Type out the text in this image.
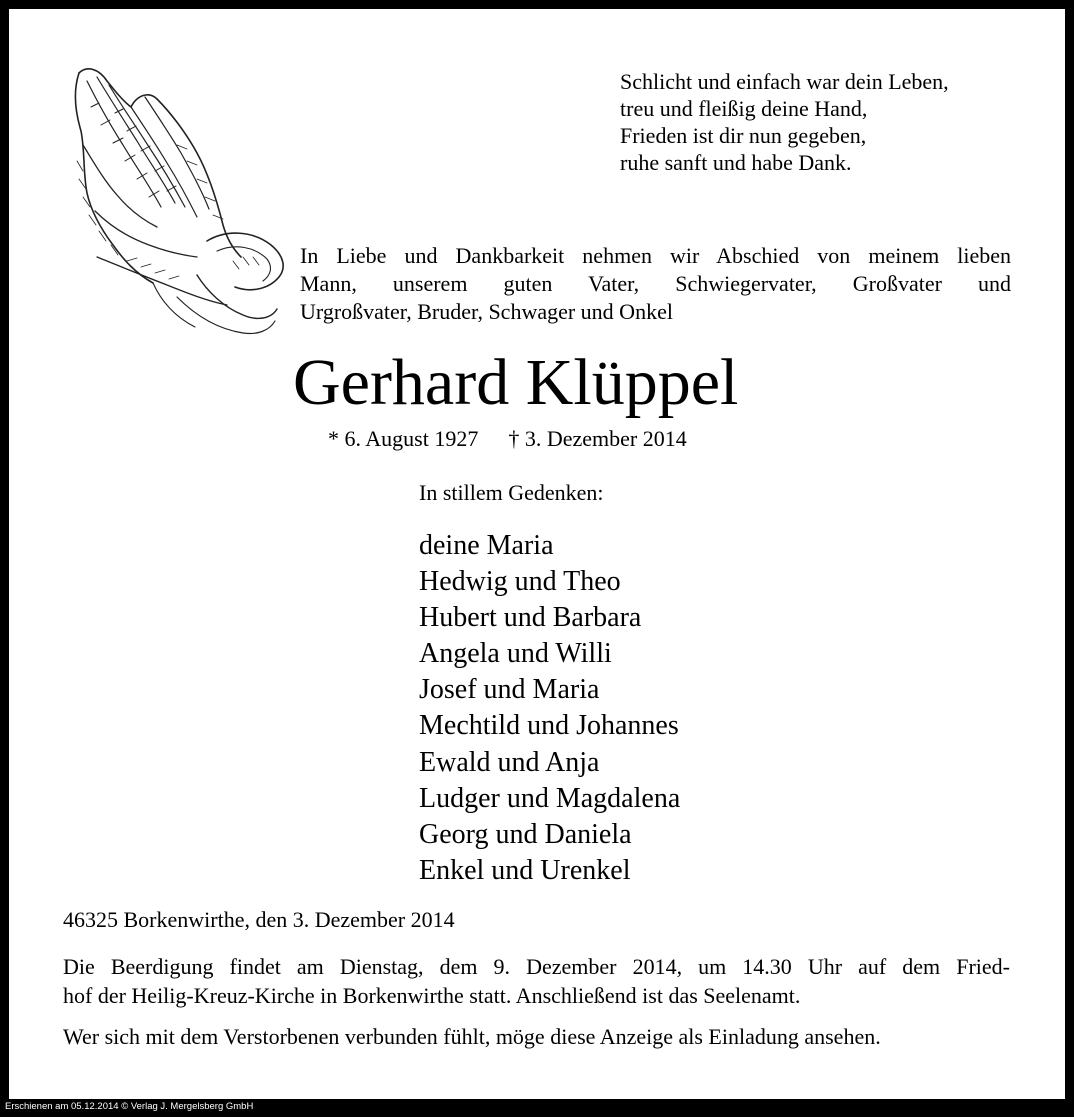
Schlicht und einfach war dein Leben,
treu und fleißig deine Hand,
Frieden ist dir nun gegeben,
ruhe sanft und habe Dank.
In Liebe und Dankbarkeit nehmen wir Abschied von meinem lieben
Mann, unserem guten Vater, Schwiegervater, Großvater und
Urgroßvater, Bruder, Schwager und Onkel
Gerhard Klüppel
* 6. August 1927 † 3. Dezember 2014
In stillem Gedenken:
deine Maria
Hedwig und Theo
Hubert und Barbara
Angela und Willi
Josef und Maria
Mechtild und Johannes
Ewald und Anja
Ludger und Magdalena
Georg und Daniela
Enkel und Urenkel
46325 Borkenwirthe, den 3. Dezember 2014
Die Beerdigung findet am Dienstag, dem 9. Dezember 2014, um 14.30 Uhr auf dem Fried-
hof der Heilig-Kreuz-Kirche in Borkenwirthe statt. Anschließend ist das Seelenamt.
Wer sich mit dem Verstorbenen verbunden fühlt, möge diese Anzeige als Einladung ansehen.
Erschienen am 05.12.2014 © Verlag J. Mergelsberg GmbH
